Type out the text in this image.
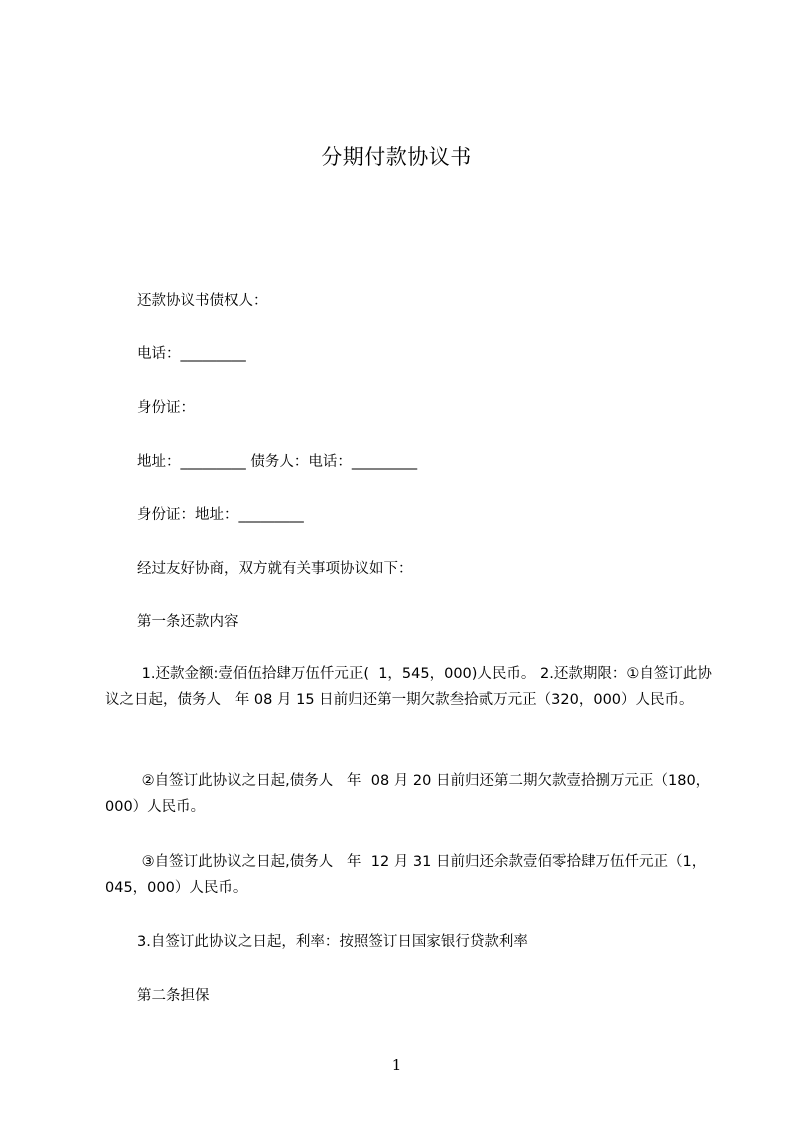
分期付款协议书
还款协议书债权人：
电话：_________
身份证：
地址：_________ 债务人：电话：_________
身份证：地址：_________
经过友好协商，双方就有关事项协议如下：
第一条还款内容
1.还款金额:壹佰伍拾肆万伍仟元正(  1，545，000)人民币。 2.还款期限：①自签订此协议之日起，债务人   年 08 月 15 日前归还第一期欠款叁拾贰万元正（320，000）人民币。
②自签订此协议之日起,债务人   年  08 月 20 日前归还第二期欠款壹拾捌万元正（180，000）人民币。
③自签订此协议之日起,债务人   年  12 月 31 日前归还余款壹佰零拾肆万伍仟元正（1，045，000）人民币。
3.自签订此协议之日起，利率：按照签订日国家银行贷款利率
第二条担保
1
